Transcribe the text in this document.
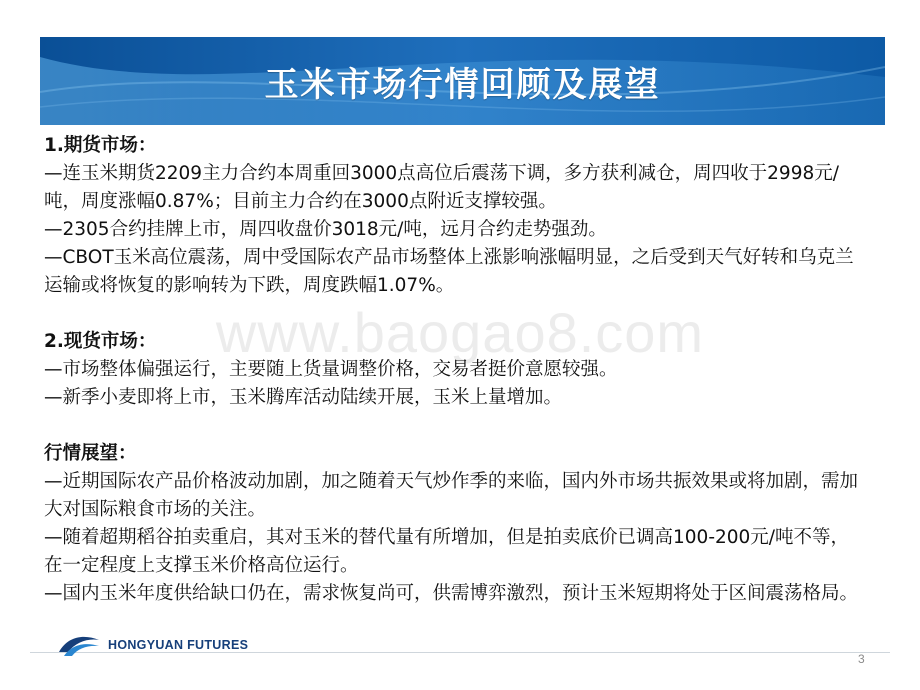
玉米市场行情回顾及展望
www.baogao8.com

1.期货市场：

—连玉米期货2209主力合约本周重回3000点高位后震荡下调，多方获利减仓，周四收于2998元/吨，周度涨幅0.87%；目前主力合约在3000点附近支撑较强。

—2305合约挂牌上市，周四收盘价3018元/吨，远月合约走势强劲。

—CBOT玉米高位震荡，周中受国际农产品市场整体上涨影响涨幅明显，之后受到天气好转和乌克兰运输或将恢复的影响转为下跌，周度跌幅1.07%。

2.现货市场：

—市场整体偏强运行，主要随上货量调整价格，交易者挺价意愿较强。

—新季小麦即将上市，玉米腾库活动陆续开展，玉米上量增加。

行情展望：

—近期国际农产品价格波动加剧，加之随着天气炒作季的来临，国内外市场共振效果或将加剧，需加大对国际粮食市场的关注。

—随着超期稻谷拍卖重启，其对玉米的替代量有所增加，但是拍卖底价已调高100-200元/吨不等，在一定程度上支撑玉米价格高位运行。

—国内玉米年度供给缺口仍在，需求恢复尚可，供需博弈激烈，预计玉米短期将处于区间震荡格局。

HONGYUAN FUTURES
3
